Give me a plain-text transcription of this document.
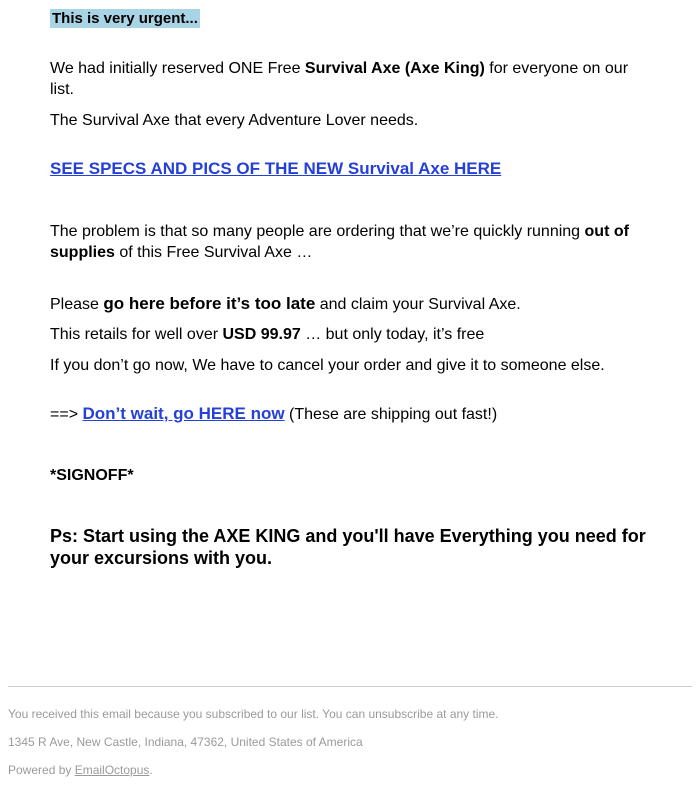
This is very urgent...
We had initially reserved ONE Free Survival Axe (Axe King) for everyone on our list.
The Survival Axe that every Adventure Lover needs.
SEE SPECS AND PICS OF THE NEW Survival Axe HERE
The problem is that so many people are ordering that we’re quickly running out of supplies of this Free Survival Axe …
Please go here before it’s too late and claim your Survival Axe.
This retails for well over USD 99.97 … but only today, it’s free
If you don’t go now, We have to cancel your order and give it to someone else.
==> Don’t wait, go HERE now (These are shipping out fast!)
*SIGNOFF*
Ps: Start using the AXE KING and you'll have Everything you need for your excursions with you.
You received this email because you subscribed to our list. You can unsubscribe at any time.
1345 R Ave, New Castle, Indiana, 47362, United States of America
Powered by EmailOctopus.
